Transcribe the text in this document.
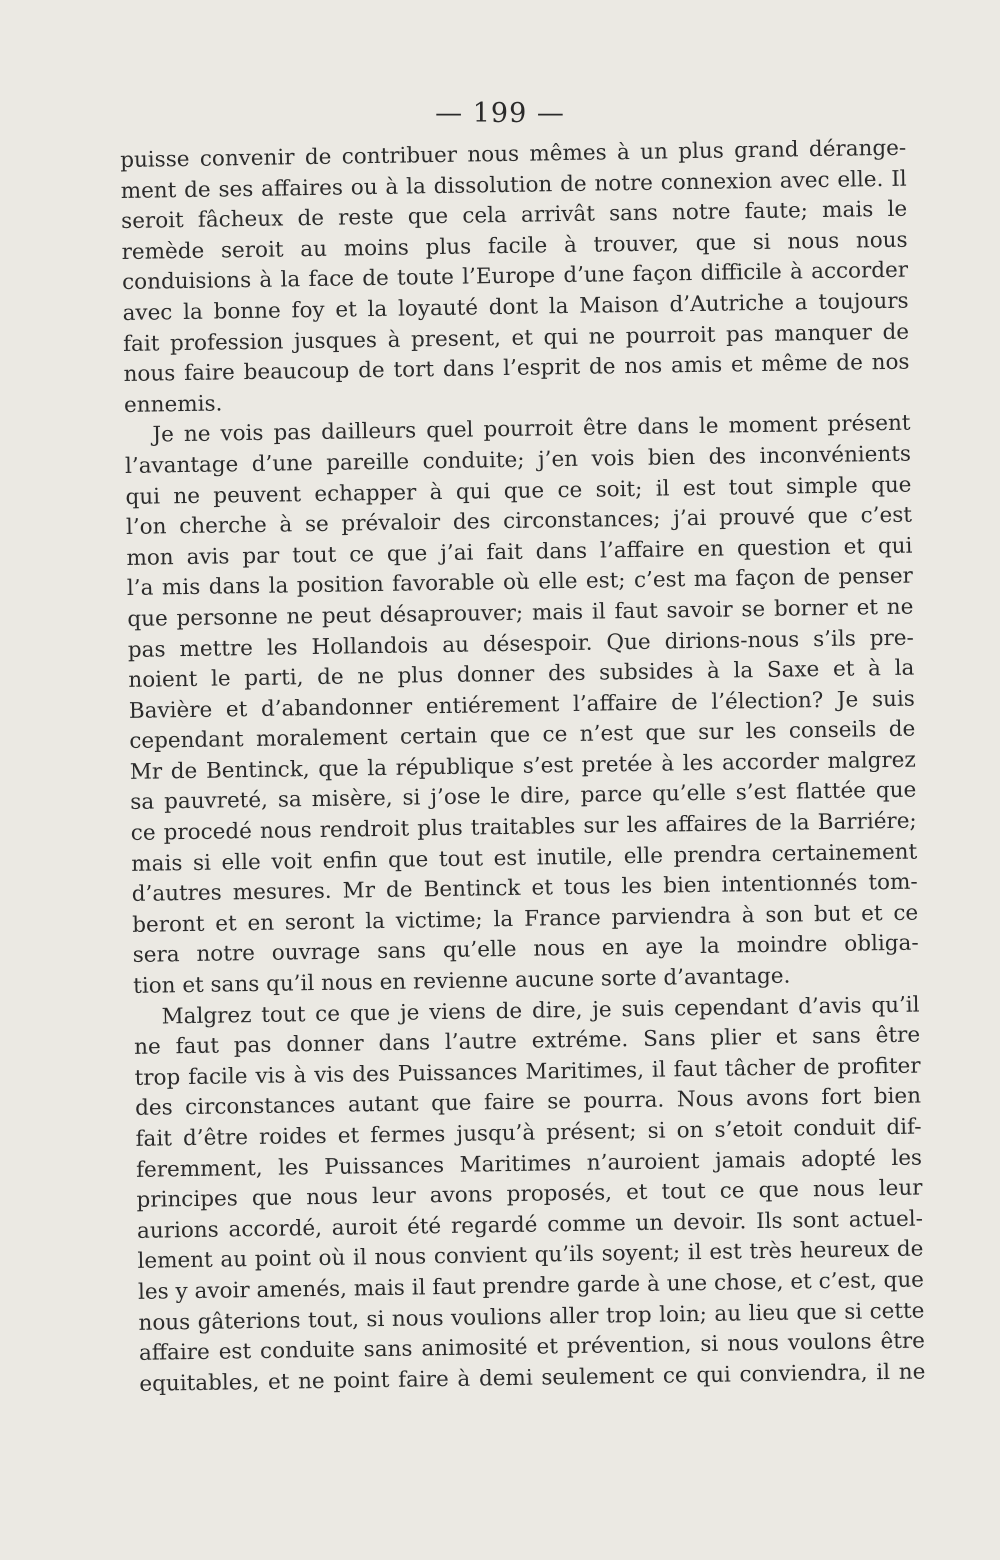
— 199 —
puisse convenir de contribuer nous mêmes à un plus grand dérange-
ment de ses affaires ou à la dissolution de notre connexion avec elle. Il
seroit fâcheux de reste que cela arrivât sans notre faute; mais le
remède seroit au moins plus facile à trouver, que si nous nous
conduisions à la face de toute l’Europe d’une façon difficile à accorder
avec la bonne foy et la loyauté dont la Maison d’Autriche a toujours
fait profession jusques à present, et qui ne pourroit pas manquer de
nous faire beaucoup de tort dans l’esprit de nos amis et même de nos
ennemis.
Je ne vois pas dailleurs quel pourroit être dans le moment présent
l’avantage d’une pareille conduite; j’en vois bien des inconvénients
qui ne peuvent echapper à qui que ce soit; il est tout simple que
l’on cherche à se prévaloir des circonstances; j’ai prouvé que c’est
mon avis par tout ce que j’ai fait dans l’affaire en question et qui
l’a mis dans la position favorable où elle est; c’est ma façon de penser
que personne ne peut désaprouver; mais il faut savoir se borner et ne
pas mettre les Hollandois au désespoir. Que dirions-nous s’ils pre-
noient le parti, de ne plus donner des subsides à la Saxe et à la
Bavière et d’abandonner entiérement l’affaire de l’élection? Je suis
cependant moralement certain que ce n’est que sur les conseils de
Mr de Bentinck, que la république s’est pretée à les accorder malgrez
sa pauvreté, sa misère, si j’ose le dire, parce qu’elle s’est flattée que
ce procedé nous rendroit plus traitables sur les affaires de la Barriére;
mais si elle voit enfin que tout est inutile, elle prendra certainement
d’autres mesures. Mr de Bentinck et tous les bien intentionnés tom-
beront et en seront la victime; la France parviendra à son but et ce
sera notre ouvrage sans qu’elle nous en aye la moindre obliga-
tion et sans qu’il nous en revienne aucune sorte d’avantage.
Malgrez tout ce que je viens de dire, je suis cependant d’avis qu’il
ne faut pas donner dans l’autre extréme. Sans plier et sans être
trop facile vis à vis des Puissances Maritimes, il faut tâcher de profiter
des circonstances autant que faire se pourra. Nous avons fort bien
fait d’être roides et fermes jusqu’à présent; si on s’etoit conduit dif-
feremment, les Puissances Maritimes n’auroient jamais adopté les
principes que nous leur avons proposés, et tout ce que nous leur
aurions accordé, auroit été regardé comme un devoir. Ils sont actuel-
lement au point où il nous convient qu’ils soyent; il est très heureux de
les y avoir amenés, mais il faut prendre garde à une chose, et c’est, que
nous gâterions tout, si nous voulions aller trop loin; au lieu que si cette
affaire est conduite sans animosité et prévention, si nous voulons être
equitables, et ne point faire à demi seulement ce qui conviendra, il ne
